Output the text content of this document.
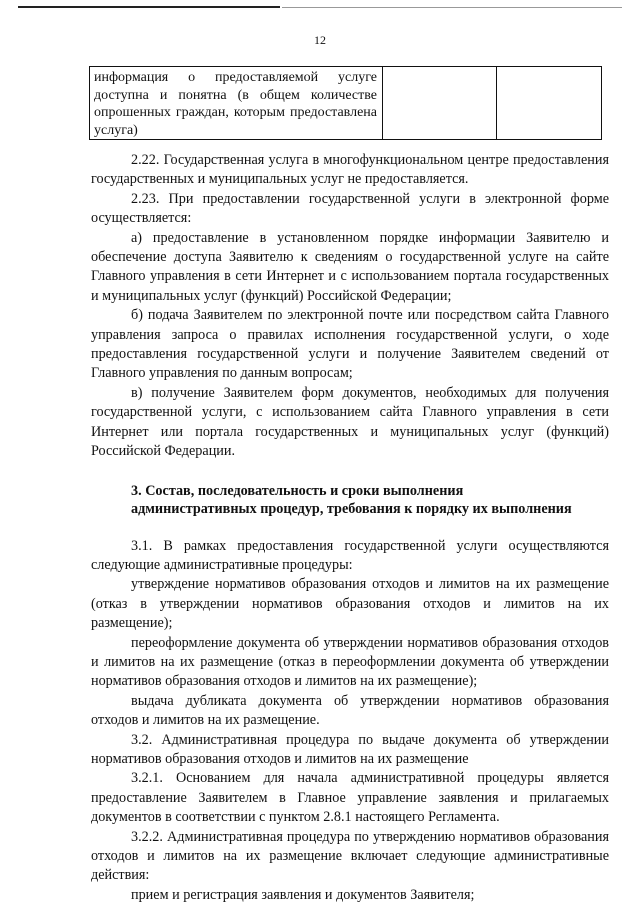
12
информация о предоставляемой услуге доступна и понятна (в общем количестве опрошенных граждан, которым предоставлена услуга)

2.22. Государственная услуга в многофункциональном центре предоставления государственных и муниципальных услуг не предоставляется.

2.23. При предоставлении государственной услуги в электронной форме осуществляется:

а) предоставление в установленном порядке информации Заявителю и обеспечение доступа Заявителю к сведениям о государственной услуге на сайте Главного управления в сети Интернет и с использованием портала государственных и муниципальных услуг (функций) Российской Федерации;

б) подача Заявителем по электронной почте или посредством сайта Главного управления запроса о правилах исполнения государственной услуги, о ходе предоставления государственной услуги и получение Заявителем сведений от Главного управления по данным вопросам;

в) получение Заявителем форм документов, необходимых для получения государственной услуги, с использованием сайта Главного управления в сети Интернет или портала государственных и муниципальных услуг (функций) Российской Федерации.

3. Состав, последовательность и сроки выполнения

административных процедур, требования к порядку их выполнения

3.1. В рамках предоставления государственной услуги осуществляются следующие административные процедуры:

утверждение нормативов образования отходов и лимитов на их размещение (отказ в утверждении нормативов образования отходов и лимитов на их размещение);

переоформление документа об утверждении нормативов образования отходов и лимитов на их размещение (отказ в переоформлении документа об утверждении нормативов образования отходов и лимитов на их размещение);

выдача дубликата документа об утверждении нормативов образования отходов и лимитов на их размещение.

3.2. Административная процедура по выдаче документа об утверждении нормативов образования отходов и лимитов на их размещение

3.2.1. Основанием для начала административной процедуры является предоставление Заявителем в Главное управление заявления и прилагаемых документов в соответствии с пунктом 2.8.1 настоящего Регламента.

3.2.2. Административная процедура по утверждению нормативов образования отходов и лимитов на их размещение включает следующие административные действия:

прием и регистрация заявления и документов Заявителя;
